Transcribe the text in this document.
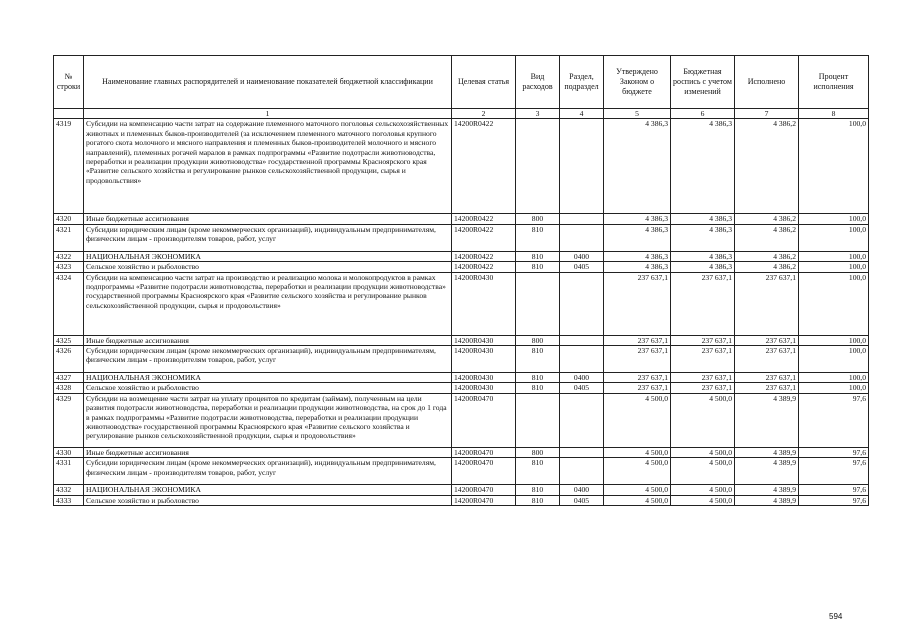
№ строки	Наименование главных распорядителей и наименование показателей бюджетной классификации	Целевая статья	Вид расходов	Раздел, подраздел	Утверждено Законом о бюджете	Бюджетная роспись с учетом изменений	Исполнено	Процент исполнения
	1	2	3	4	5	6	7	8
4319	Субсидии на компенсацию части затрат на содержание племенного маточного поголовья сельскохозяйственных животных и племенных быков-производителей (за исключением племенного маточного поголовья крупного рогатого скота молочного и мясного направления и племенных быков-производителей молочного и мясного направлений), племенных рогачей маралов в рамках подпрограммы «Развитие подотрасли животноводства, переработки и реализации продукции животноводства» государственной программы Красноярского края «Развитие сельского хозяйства и регулирование рынков сельскохозяйственной продукции, сырья и продовольствия»	14200R0422			4 386,3	4 386,3	4 386,2	100,0
4320	Иные бюджетные ассигнования	14200R0422	800		4 386,3	4 386,3	4 386,2	100,0
4321	Субсидии юридическим лицам (кроме некоммерческих организаций), индивидуальным предпринимателям, физическим лицам - производителям товаров, работ, услуг	14200R0422	810		4 386,3	4 386,3	4 386,2	100,0
4322	НАЦИОНАЛЬНАЯ ЭКОНОМИКА	14200R0422	810	0400	4 386,3	4 386,3	4 386,2	100,0
4323	Сельское хозяйство и рыболовство	14200R0422	810	0405	4 386,3	4 386,3	4 386,2	100,0
4324	Субсидии на компенсацию части затрат на производство и реализацию молока и молокопродуктов в рамках подпрограммы «Развитие подотрасли животноводства, переработки и реализации продукции животноводства» государственной программы Красноярского края «Развитие сельского хозяйства и регулирование рынков сельскохозяйственной продукции, сырья и продовольствия»	14200R0430			237 637,1	237 637,1	237 637,1	100,0
4325	Иные бюджетные ассигнования	14200R0430	800		237 637,1	237 637,1	237 637,1	100,0
4326	Субсидии юридическим лицам (кроме некоммерческих организаций), индивидуальным предпринимателям, физическим лицам - производителям товаров, работ, услуг	14200R0430	810		237 637,1	237 637,1	237 637,1	100,0
4327	НАЦИОНАЛЬНАЯ ЭКОНОМИКА	14200R0430	810	0400	237 637,1	237 637,1	237 637,1	100,0
4328	Сельское хозяйство и рыболовство	14200R0430	810	0405	237 637,1	237 637,1	237 637,1	100,0
4329	Субсидии на возмещение части затрат на уплату процентов по кредитам (займам), полученным на цели развития подотрасли животноводства, переработки и реализации продукции животноводства, на срок до 1 года в рамках подпрограммы «Развитие подотрасли животноводства, переработки и реализации продукции животноводства» государственной программы Красноярского края «Развитие сельского хозяйства и регулирование рынков сельскохозяйственной продукции, сырья и продовольствия»	14200R0470			4 500,0	4 500,0	4 389,9	97,6
4330	Иные бюджетные ассигнования	14200R0470	800		4 500,0	4 500,0	4 389,9	97,6
4331	Субсидии юридическим лицам (кроме некоммерческих организаций), индивидуальным предпринимателям, физическим лицам - производителям товаров, работ, услуг	14200R0470	810		4 500,0	4 500,0	4 389,9	97,6
4332	НАЦИОНАЛЬНАЯ ЭКОНОМИКА	14200R0470	810	0400	4 500,0	4 500,0	4 389,9	97,6
4333	Сельское хозяйство и рыболовство	14200R0470	810	0405	4 500,0	4 500,0	4 389,9	97,6
594
